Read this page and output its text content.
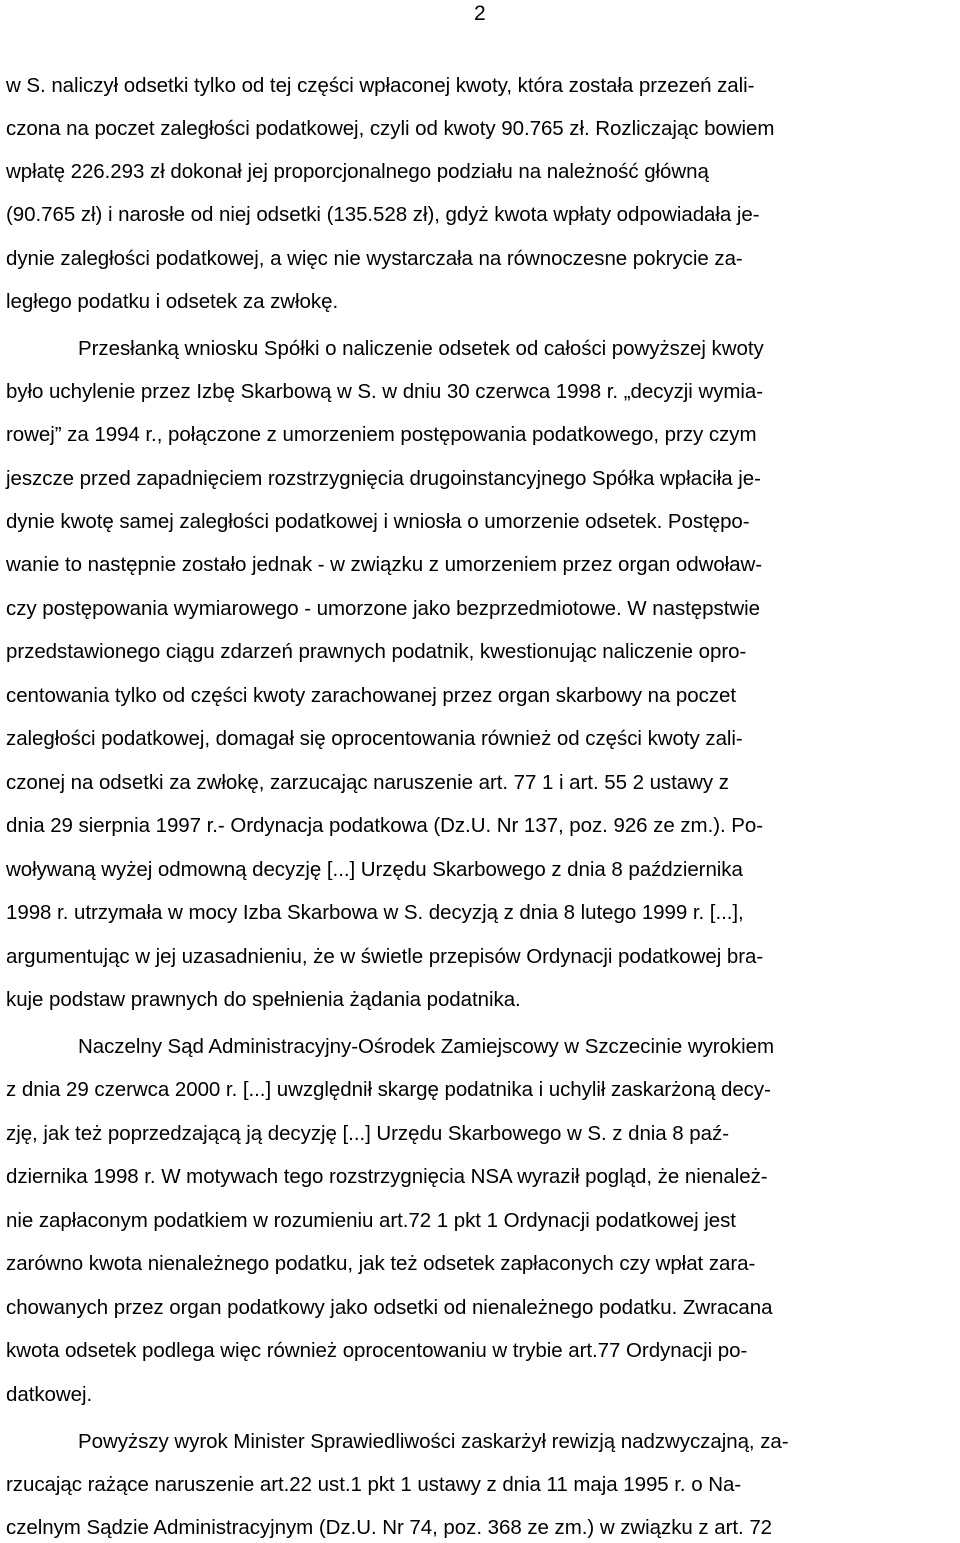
2

w S. naliczył odsetki tylko od tej części wpłaconej kwoty, która została przezeń zali-

czona na poczet zaległości podatkowej, czyli od kwoty 90.765 zł. Rozliczając bowiem

wpłatę 226.293 zł dokonał jej proporcjonalnego podziału na należność główną

(90.765 zł) i narosłe od niej odsetki (135.528 zł), gdyż kwota wpłaty odpowiadała je-

dynie zaległości podatkowej, a więc nie wystarczała na równoczesne pokrycie za-

ległego podatku i odsetek za zwłokę.

Przesłanką wniosku Spółki o naliczenie odsetek od całości powyższej kwoty

było uchylenie przez Izbę Skarbową w S. w dniu 30 czerwca 1998 r. „decyzji wymia-

rowej” za 1994 r., połączone z umorzeniem postępowania podatkowego, przy czym

jeszcze przed zapadnięciem rozstrzygnięcia drugoinstancyjnego Spółka wpłaciła je-

dynie kwotę samej zaległości podatkowej i wniosła o umorzenie odsetek. Postępo-

wanie to następnie zostało jednak - w związku z umorzeniem przez organ odwoław-

czy postępowania wymiarowego - umorzone jako bezprzedmiotowe. W następstwie

przedstawionego ciągu zdarzeń prawnych podatnik, kwestionując naliczenie opro-

centowania tylko od części kwoty zarachowanej przez organ skarbowy na poczet

zaległości podatkowej, domagał się oprocentowania również od części kwoty zali-

czonej na odsetki za zwłokę, zarzucając naruszenie art. 77 1 i art. 55 2 ustawy z

dnia 29 sierpnia 1997 r.- Ordynacja podatkowa (Dz.U. Nr 137, poz. 926 ze zm.). Po-

woływaną wyżej odmowną decyzję [...] Urzędu Skarbowego z dnia 8 października

1998 r. utrzymała w mocy Izba Skarbowa w S. decyzją z dnia 8 lutego 1999 r. [...],

argumentując w jej uzasadnieniu, że w świetle przepisów Ordynacji podatkowej bra-

kuje podstaw prawnych do spełnienia żądania podatnika.

Naczelny Sąd Administracyjny-Ośrodek Zamiejscowy w Szczecinie wyrokiem

z dnia 29 czerwca 2000 r. [...] uwzględnił skargę podatnika i uchylił zaskarżoną decy-

zję, jak też poprzedzającą ją decyzję [...] Urzędu Skarbowego w S. z dnia 8 paź-

dziernika 1998 r. W motywach tego rozstrzygnięcia NSA wyraził pogląd, że nienależ-

nie zapłaconym podatkiem w rozumieniu art.72 1 pkt 1 Ordynacji podatkowej jest

zarówno kwota nienależnego podatku, jak też odsetek zapłaconych czy wpłat zara-

chowanych przez organ podatkowy jako odsetki od nienależnego podatku. Zwracana

kwota odsetek podlega więc również oprocentowaniu w trybie art.77 Ordynacji po-

datkowej.

Powyższy wyrok Minister Sprawiedliwości zaskarżył rewizją nadzwyczajną, za-

rzucając rażące naruszenie art.22 ust.1 pkt 1 ustawy z dnia 11 maja 1995 r. o Na-

czelnym Sądzie Administracyjnym (Dz.U. Nr 74, poz. 368 ze zm.) w związku z art. 72
